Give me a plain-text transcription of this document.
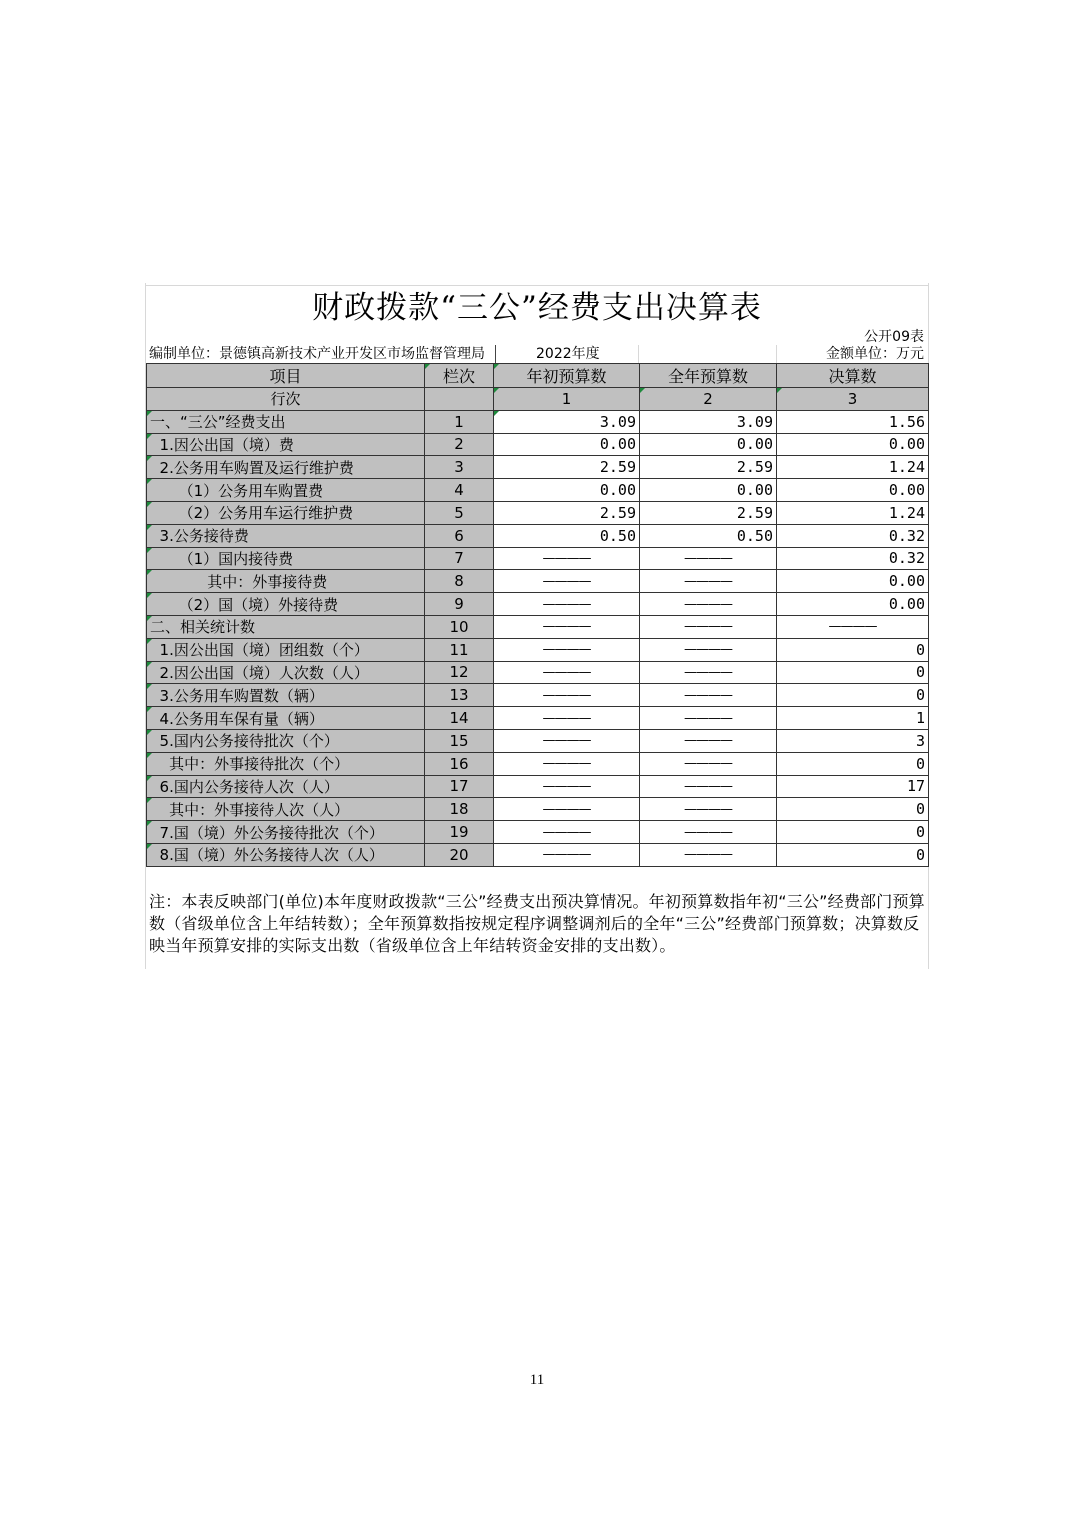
财政拨款“三公”经费支出决算表
公开09表
编制单位：景德镇高新技术产业开发区市场监督管理局	2022年度	金额单位：万元
项目	栏次	年初预算数	全年预算数	决算数
行次		1	2	3
一、“三公”经费支出	1	3.09	3.09	1.56
1.因公出国（境）费	2	0.00	0.00	0.00
2.公务用车购置及运行维护费	3	2.59	2.59	1.24
（1）公务用车购置费	4	0.00	0.00	0.00
（2）公务用车运行维护费	5	2.59	2.59	1.24
3.公务接待费	6	0.50	0.50	0.32
（1）国内接待费	7	————	————	0.32
其中：外事接待费	8	————	————	0.00
（2）国（境）外接待费	9	————	————	0.00
二、相关统计数	10	————	————	————
1.因公出国（境）团组数（个）	11	————	————	0
2.因公出国（境）人次数（人）	12	————	————	0
3.公务用车购置数（辆）	13	————	————	0
4.公务用车保有量（辆）	14	————	————	1
5.国内公务接待批次（个）	15	————	————	3
其中：外事接待批次（个）	16	————	————	0
6.国内公务接待人次（人）	17	————	————	17
其中：外事接待人次（人）	18	————	————	0
7.国（境）外公务接待批次（个）	19	————	————	0
8.国（境）外公务接待人次（人）	20	————	————	0
注：本表反映部门(单位)本年度财政拨款“三公”经费支出预决算情况。年初预算数指年初“三公”经费部门预算数（省级单位含上年结转数）；全年预算数指按规定程序调整调剂后的全年“三公”经费部门预算数；决算数反映当年预算安排的实际支出数（省级单位含上年结转资金安排的支出数）。
11
